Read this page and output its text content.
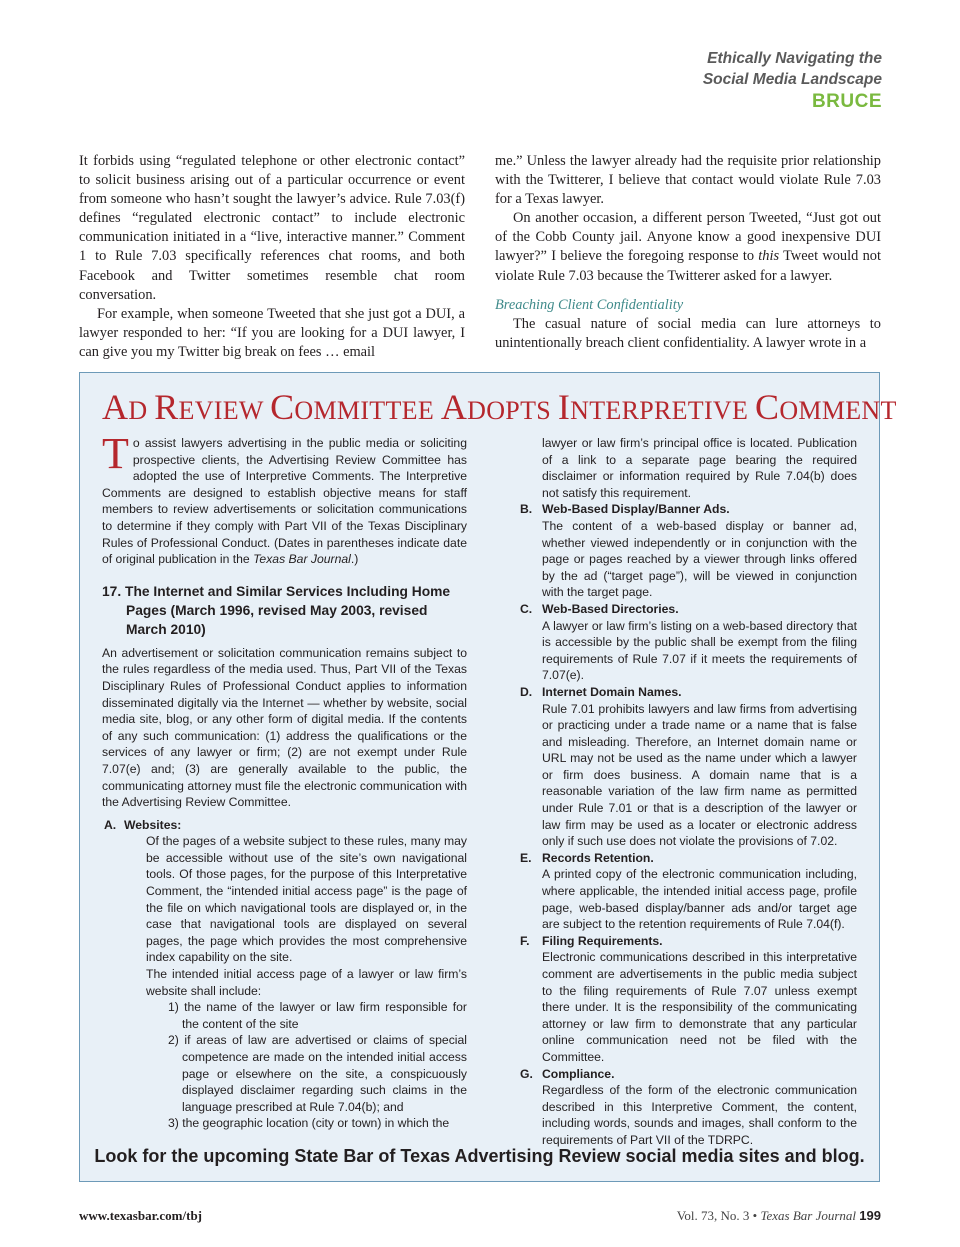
Ethically Navigating the
Social Media Landscape
BRUCE

It forbids using “regulated telephone or other electronic contact” to solicit business arising out of a particular occurrence or event from someone who hasn’t sought the lawyer’s advice. Rule 7.03(f) defines “regulated electronic contact” to include electronic communication initiated in a “live, interactive manner.” Comment 1 to Rule 7.03 specifically references chat rooms, and both Facebook and Twitter sometimes resemble chat room conversation.

For example, when someone Tweeted that she just got a DUI, a lawyer responded to her: “If you are looking for a DUI lawyer, I can give you my Twitter big break on fees … email

me.” Unless the lawyer already had the requisite prior relationship with the Twitterer, I believe that contact would violate Rule 7.03 for a Texas lawyer.

On another occasion, a different person Tweeted, “Just got out of the Cobb County jail. Anyone know a good inexpensive DUI lawyer?” I believe the foregoing response to this Tweet would not violate Rule 7.03 because the Twitterer asked for a lawyer.

Breaching Client Confidentiality

The casual nature of social media can lure attorneys to unintentionally breach client confidentiality. A lawyer wrote in a

AD REVIEW COMMITTEE ADOPTS INTERPRETIVE COMMENT

To assist lawyers advertising in the public media or soliciting prospective clients, the Advertising Review Committee has adopted the use of Interpretive Comments. The Interpretive Comments are designed to establish objective means for staff members to review advertisements or solicitation communications to determine if they comply with Part VII of the Texas Disciplinary Rules of Professional Conduct. (Dates in parentheses indicate date of original publication in the Texas Bar Journal.)

17. The Internet and Similar Services Including Home Pages (March 1996, revised May 2003, revised March 2010)

An advertisement or solicitation communication remains subject to the rules regardless of the media used. Thus, Part VII of the Texas Disciplinary Rules of Professional Conduct applies to information disseminated digitally via the Internet — whether by website, social media site, blog, or any other form of digital media. If the contents of any such communication: (1) address the qualifications or the services of any lawyer or firm; (2) are not exempt under Rule 7.07(e) and; (3) are generally available to the public, the communicating attorney must file the electronic communication with the Advertising Review Committee.

A. Websites:

Of the pages of a website subject to these rules, many may be accessible without use of the site’s own navigational tools. Of those pages, for the purpose of this Interpretative Comment, the “intended initial access page” is the page of the file on which navigational tools are displayed or, in the case that navigational tools are displayed on several pages, the page which provides the most comprehensive index capability on the site.

The intended initial access page of a lawyer or law firm’s website shall include:

1) the name of the lawyer or law firm responsible for the content of the site

2) if areas of law are advertised or claims of special competence are made on the intended initial access page or elsewhere on the site, a conspicuously displayed disclaimer regarding such claims in the language prescribed at Rule 7.04(b); and

3) the geographic location (city or town) in which the

lawyer or law firm’s principal office is located. Publication of a link to a separate page bearing the required disclaimer or information required by Rule 7.04(b) does not satisfy this requirement.

B. Web-Based Display/Banner Ads.

The content of a web-based display or banner ad, whether viewed independently or in conjunction with the page or pages reached by a viewer through links offered by the ad (“target page”), will be viewed in conjunction with the target page.

C. Web-Based Directories.

A lawyer or law firm’s listing on a web-based directory that is accessible by the public shall be exempt from the filing requirements of Rule 7.07 if it meets the requirements of 7.07(e).

D. Internet Domain Names.

Rule 7.01 prohibits lawyers and law firms from advertising or practicing under a trade name or a name that is false and misleading. Therefore, an Internet domain name or URL may not be used as the name under which a lawyer or firm does business. A domain name that is a reasonable variation of the law firm name as permitted under Rule 7.01 or that is a description of the lawyer or law firm may be used as a locater or electronic address only if such use does not violate the provisions of 7.02.

E. Records Retention.

A printed copy of the electronic communication including, where applicable, the intended initial access page, profile page, web-based display/banner ads and/or target age are subject to the retention requirements of Rule 7.04(f).

F. Filing Requirements.

Electronic communications described in this interpretative comment are advertisements in the public media subject to the filing requirements of Rule 7.07 unless exempt there under. It is the responsibility of the communicating attorney or law firm to demonstrate that any particular online communication need not be filed with the Committee.

G. Compliance.

Regardless of the form of the electronic communication described in this Interpretive Comment, the content, including words, sounds and images, shall conform to the requirements of Part VII of the TDRPC.

Look for the upcoming State Bar of Texas Advertising Review social media sites and blog.
www.texasbar.com/tbj	Vol. 73, No. 3 • Texas Bar Journal 199
